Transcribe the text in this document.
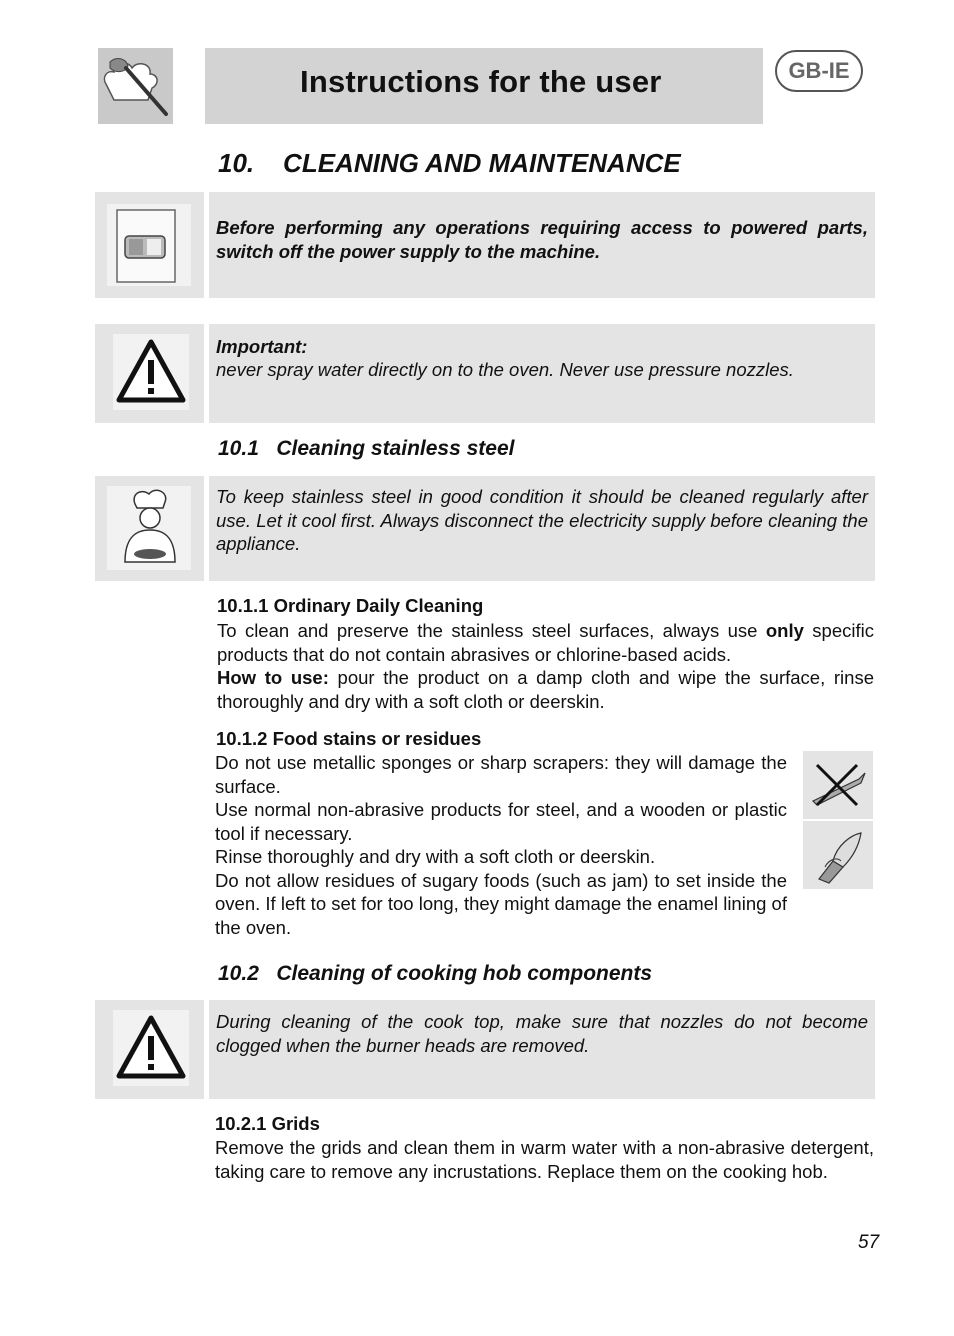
Instructions for the user	GB-IE
10.    CLEANING AND MAINTENANCE
Before performing any operations requiring access to powered parts, switch off the power supply to the machine.
Important:
never spray water directly on to the oven. Never use pressure nozzles.
10.1   Cleaning stainless steel
To keep stainless steel in good condition it should be cleaned regularly after use. Let it cool first. Always disconnect the electricity supply before cleaning the appliance.
10.1.1 Ordinary Daily Cleaning
To clean and preserve the stainless steel surfaces, always use only specific products that do not contain abrasives or chlorine-based acids.
How to use: pour the product on a damp cloth and wipe the surface, rinse thoroughly and dry with a soft cloth or deerskin.
10.1.2 Food stains or residues
Do not use metallic sponges or sharp scrapers: they will damage the surface.
Use normal non-abrasive products for steel, and a wooden or plastic tool if necessary.
Rinse thoroughly and dry with a soft cloth or deerskin.
Do not allow residues of sugary foods (such as jam) to set inside the oven. If left to set for too long, they might damage the enamel lining of the oven.
10.2   Cleaning of cooking hob components
During cleaning of the cook top, make sure that nozzles do not become clogged when the burner heads are removed.
10.2.1 Grids
Remove the grids and clean them in warm water with a non-abrasive detergent, taking care to remove any incrustations. Replace them on the cooking hob.
57
